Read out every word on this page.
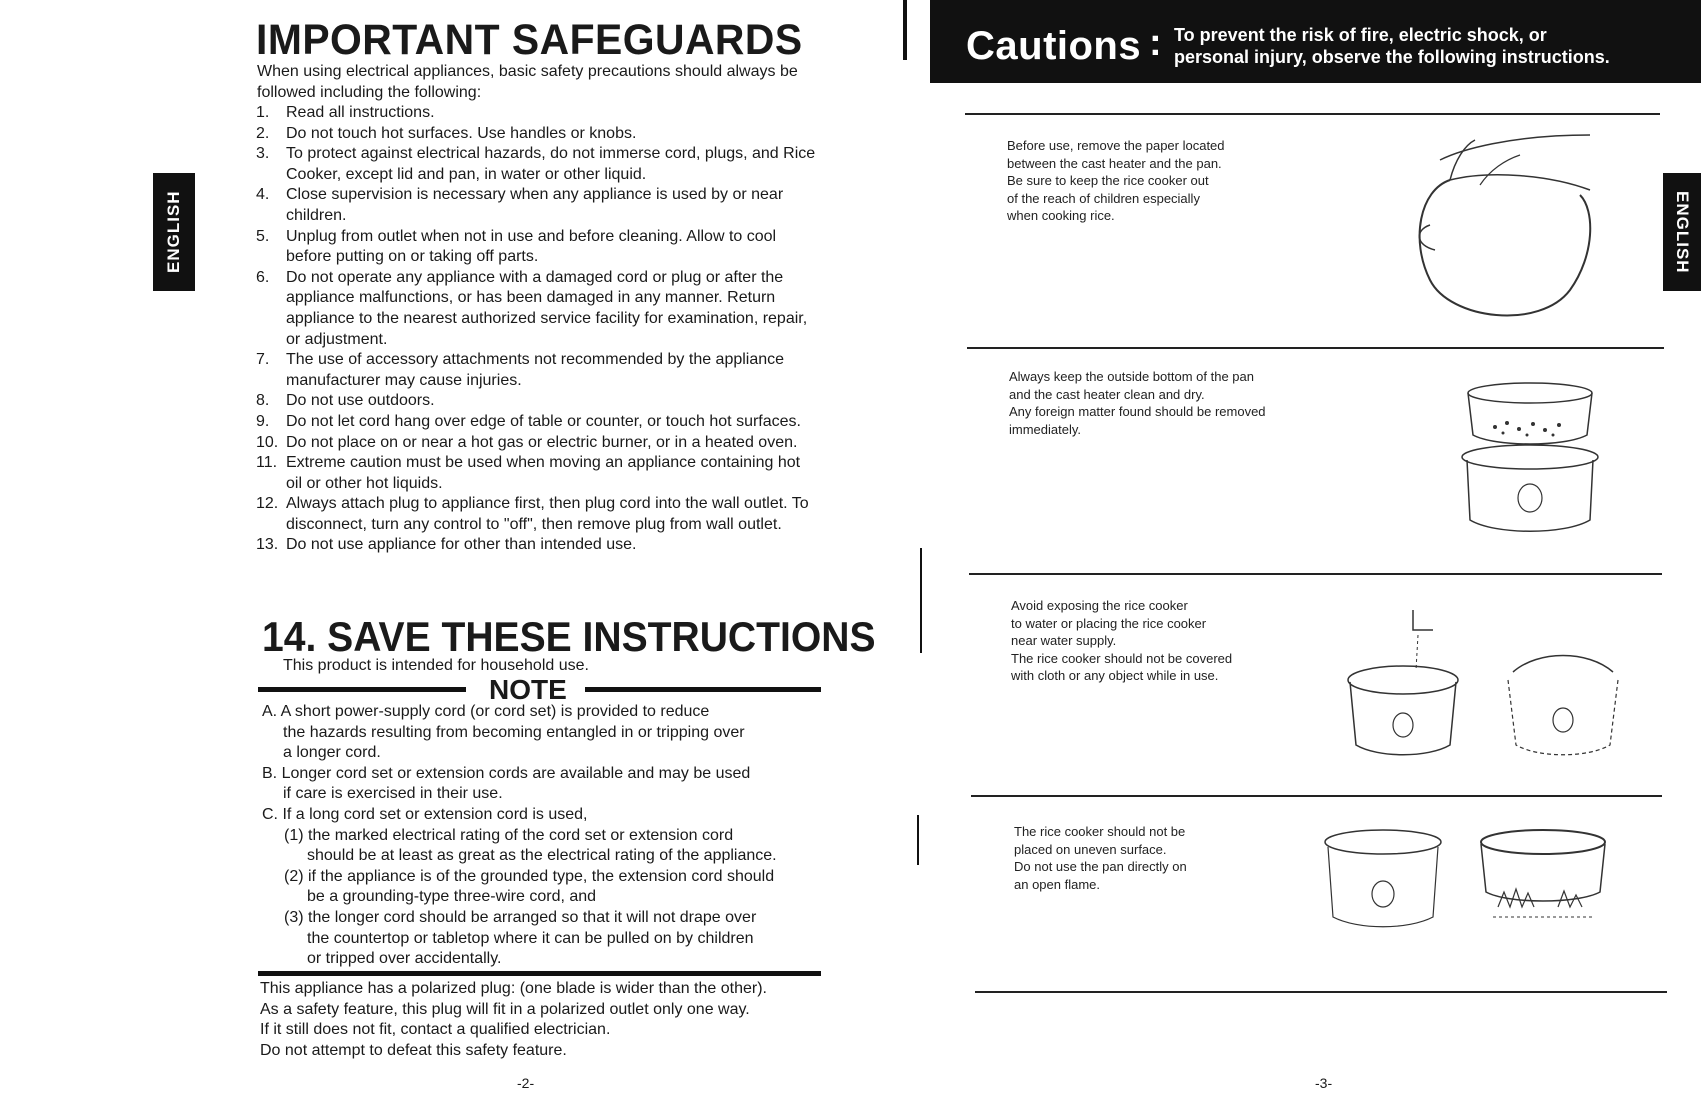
ENGLISH
IMPORTANT SAFEGUARDS
When using electrical appliances, basic safety precautions should always be followed including the following:
1.	Read all instructions.
2.	Do not touch hot surfaces. Use handles or knobs.
3.	To protect against electrical hazards, do not immerse cord, plugs, and Rice Cooker, except lid and pan, in water or other liquid.
4.	Close supervision is necessary when any appliance is used by or near children.
5.	Unplug from outlet when not in use and before cleaning. Allow to cool before putting on or taking off parts.
6.	Do not operate any appliance with a damaged cord or plug or after the appliance malfunctions, or has been damaged in any manner. Return appliance to the nearest authorized service facility for examination, repair, or adjustment.
7.	The use of accessory attachments not recommended by the appliance manufacturer may cause injuries.
8.	Do not use outdoors.
9.	Do not let cord hang over edge of table or counter, or touch hot surfaces.
10. Do not place on or near a hot gas or electric burner, or in a heated oven.
11. Extreme caution must be used when moving an appliance containing hot oil or other hot liquids.
12. Always attach plug to appliance first, then plug cord into the wall outlet. To disconnect, turn any control to "off", then remove plug from wall outlet.
13. Do not use appliance for other than intended use.
14. SAVE THESE INSTRUCTIONS
This product is intended for household use.
NOTE
A. A short power-supply cord (or cord set) is provided to reduce
the hazards resulting from becoming entangled in or tripping over
a longer cord.
B. Longer cord set or extension cords are available and may be used
if care is exercised in their use.
C. If a long cord set or extension cord is used,
(1) the marked electrical rating of the cord set or extension cord
should be at least as great as the electrical rating of the appliance.
(2) if the appliance is of the grounded type, the extension cord should
be a grounding-type three-wire cord, and
(3) the longer cord should be arranged so that it will not drape over
the countertop or tabletop where it can be pulled on by children
or tripped over accidentally.
This appliance has a polarized plug: (one blade is wider than the other).
As a safety feature, this plug will fit in a polarized outlet only one way.
If it still does not fit, contact a qualified electrician.
Do not attempt to defeat this safety feature.
-2-
Cautions : To prevent the risk of fire, electric shock, or
personal injury, observe the following instructions.
ENGLISH
Before use, remove the paper located
between the cast heater and the pan.
Be sure to keep the rice cooker out
of the reach of children especially
when cooking rice.
Always keep the outside bottom of the pan
and the cast heater clean and dry.
Any foreign matter found should be removed
immediately.
Avoid exposing the rice cooker
to water or placing the rice cooker
near water supply.
The rice cooker should not be covered
with cloth or any object while in use.
The rice cooker should not be
placed on uneven surface.
Do not use the pan directly on
an open flame.
-3-
